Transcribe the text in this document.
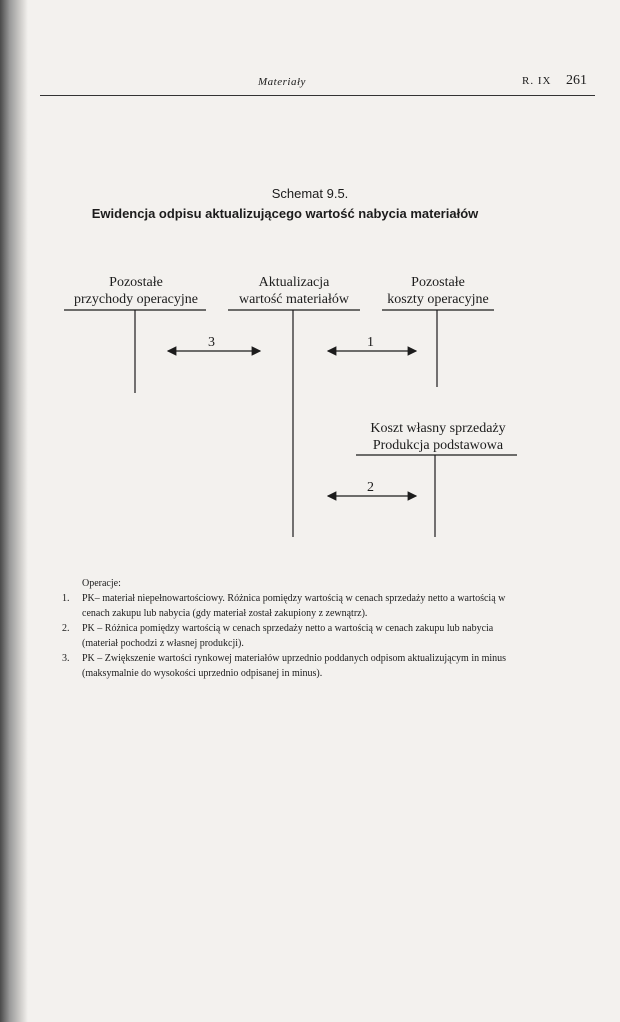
Materiały	R. IX 261
Schemat 9.5.
Ewidencja odpisu aktualizującego wartość nabycia materiałów
Pozostałe
przychody operacyjne
Aktualizacja
wartość materiałów
Pozostałe
koszty operacyjne
Koszt własny sprzedaży
Produkcja podstawowa
3	1
2
Operacje:
1. PK– materiał niepełnowartościowy. Różnica pomiędzy wartością w cenach sprzedaży netto a wartością w cenach zakupu lub nabycia (gdy materiał został zakupiony z zewnątrz).
2. PK – Różnica pomiędzy wartością w cenach sprzedaży netto a wartością w cenach zakupu lub nabycia (materiał pochodzi z własnej produkcji).
3. PK – Zwiększenie wartości rynkowej materiałów uprzednio poddanych odpisom aktualizującym in minus (maksymalnie do wysokości uprzednio odpisanej in minus).
